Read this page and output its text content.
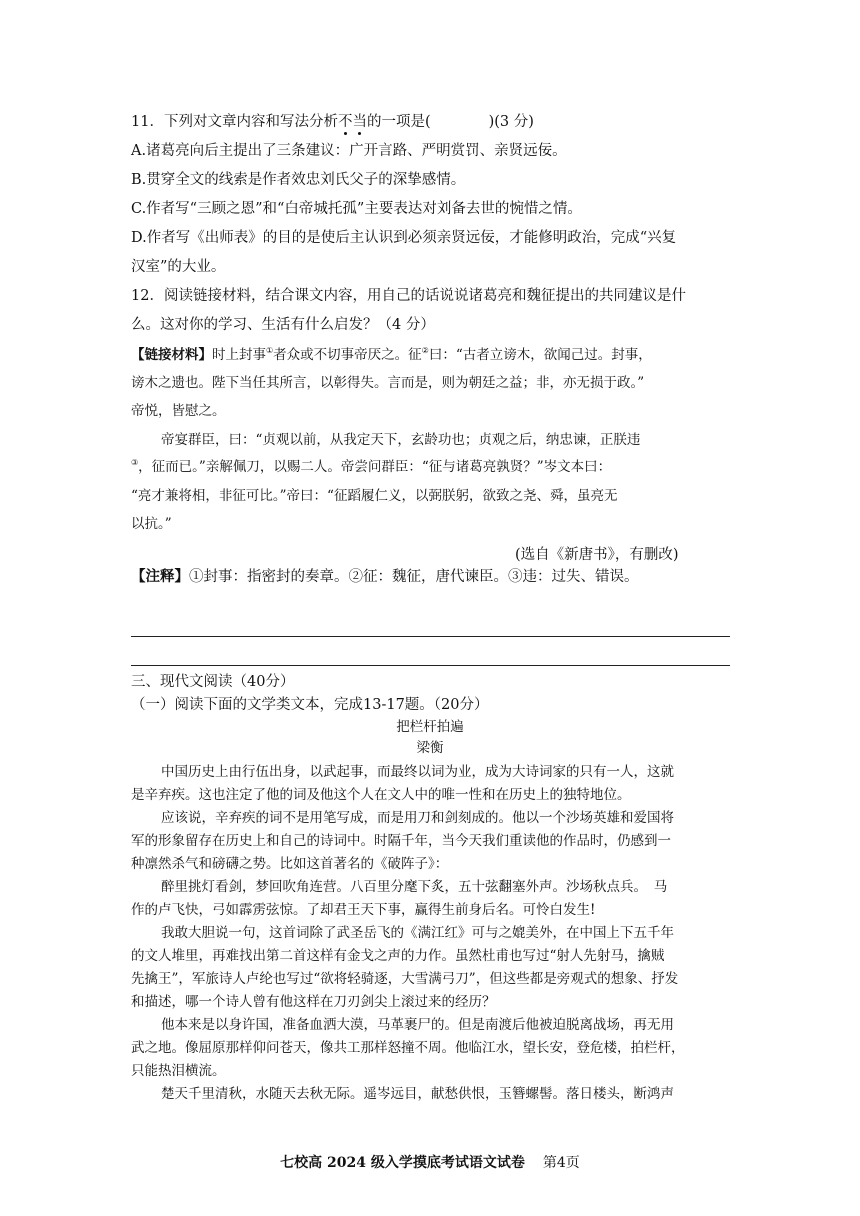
11．下列对文章内容和写法分析不当的一项是(　　　　)(3 分)
A.诸葛亮向后主提出了三条建议：广开言路、严明赏罚、亲贤远佞。
B.贯穿全文的线索是作者效忠刘氏父子的深挚感情。
C.作者写“三顾之恩”和“白帝城托孤”主要表达对刘备去世的惋惜之情。
D.作者写《出师表》的目的是使后主认识到必须亲贤远佞，才能修明政治，完成“兴复
汉室”的大业。
12．阅读链接材料，结合课文内容，用自己的话说说诸葛亮和魏征提出的共同建议是什
么。这对你的学习、生活有什么启发？（4 分）
【链接材料】时上封事①者众或不切事帝厌之。征②曰：“古者立谤木，欲闻己过。封事，
谤木之遗也。陛下当任其所言，以彰得失。言而是，则为朝廷之益；非，亦无损于政。”
帝悦，皆慰之。
帝宴群臣，曰：“贞观以前，从我定天下，玄龄功也；贞观之后，纳忠谏，正朕违
③，征而已。”亲解佩刀，以赐二人。帝尝问群臣：“征与诸葛亮孰贤？”岑文本曰：
“亮才兼将相，非征可比。”帝曰：“征蹈履仁义，以弼朕躬，欲致之尧、舜，虽亮无
以抗。”
(选自《新唐书》，有删改)
【注释】①封事：指密封的奏章。②征：魏征，唐代谏臣。③违：过失、错误。
三、现代文阅读（40分）
（一）阅读下面的文学类文本，完成13-17题。（20分）
把栏杆拍遍
梁衡
中国历史上由行伍出身，以武起事，而最终以词为业，成为大诗词家的只有一人，这就
是辛弃疾。这也注定了他的词及他这个人在文人中的唯一性和在历史上的独特地位。
应该说，辛弃疾的词不是用笔写成，而是用刀和剑刻成的。他以一个沙场英雄和爱国将
军的形象留存在历史上和自己的诗词中。时隔千年，当今天我们重读他的作品时，仍感到一
种凛然杀气和磅礴之势。比如这首著名的《破阵子》：
醉里挑灯看剑，梦回吹角连营。八百里分麾下炙，五十弦翻塞外声。沙场秋点兵。　马
作的卢飞快，弓如霹雳弦惊。了却君王天下事，赢得生前身后名。可怜白发生!
我敢大胆说一句，这首词除了武圣岳飞的《满江红》可与之媲美外，在中国上下五千年
的文人堆里，再难找出第二首这样有金戈之声的力作。虽然杜甫也写过“射人先射马，擒贼
先擒王”，军旅诗人卢纶也写过“欲将轻骑逐，大雪满弓刀”，但这些都是旁观式的想象、抒发
和描述，哪一个诗人曾有他这样在刀刃剑尖上滚过来的经历？
他本来是以身许国，准备血洒大漠，马革裹尸的。但是南渡后他被迫脱离战场，再无用
武之地。像屈原那样仰问苍天，像共工那样怒撞不周。他临江水，望长安，登危楼，拍栏杆，
只能热泪横流。
楚天千里清秋，水随天去秋无际。遥岑远目，献愁供恨，玉簪螺髻。落日楼头，断鸿声
七校高 2024 级入学摸底考试语文试卷 第4页
